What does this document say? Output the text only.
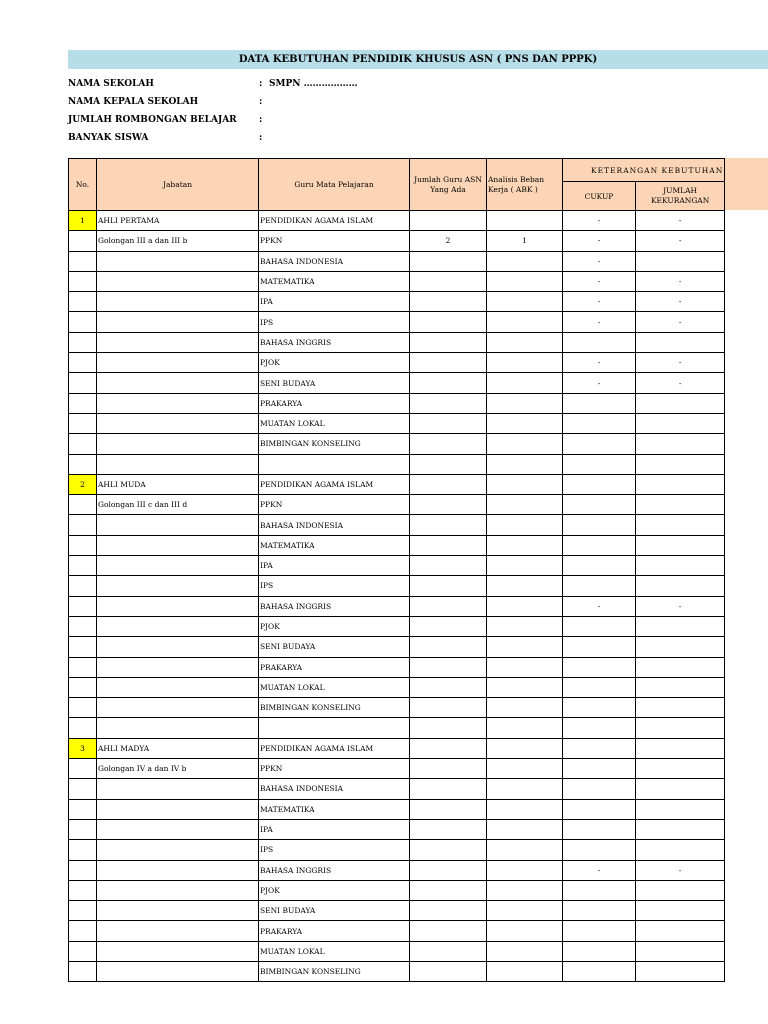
DATA KEBUTUHAN PENDIDIK KHUSUS ASN ( PNS DAN PPPK)
NAMA SEKOLAH	: SMPN ………………
NAMA KEPALA SEKOLAH	:
JUMLAH ROMBONGAN BELAJAR :
BANYAK SISWA	:
No.	Jabatan	Guru Mata Pelajaran	Jumlah Guru ASN Yang Ada	Analisis Beban Kerja ( ABK )	KETERANGAN KEBUTUHAN	
					CUKUP	JUMLAH KEKURANGAN
1	AHLI PERTAMA	PENDIDIKAN AGAMA ISLAM			-	-
	Golongan III a dan III b	PPKN	2	1	-	-
		BAHASA INDONESIA			-	
		MATEMATIKA			-	-
		IPA			-	-
		IPS			-	-
		BAHASA INGGRIS				
		PJOK			-	-
		SENI BUDAYA			-	-
		PRAKARYA				
		MUATAN LOKAL				
		BIMBINGAN KONSELING				

2	AHLI MUDA	PENDIDIKAN AGAMA ISLAM				
	Golongan III c dan III d	PPKN				
		BAHASA INDONESIA				
		MATEMATIKA				
		IPA				
		IPS				
		BAHASA INGGRIS			-	-
		PJOK				
		SENI BUDAYA				
		PRAKARYA				
		MUATAN LOKAL				
		BIMBINGAN KONSELING				

3	AHLI MADYA	PENDIDIKAN AGAMA ISLAM				
	Golongan IV a dan IV b	PPKN				
		BAHASA INDONESIA				
		MATEMATIKA				
		IPA				
		IPS				
		BAHASA INGGRIS			-	-
		PJOK				
		SENI BUDAYA				
		PRAKARYA				
		MUATAN LOKAL				
		BIMBINGAN KONSELING				
